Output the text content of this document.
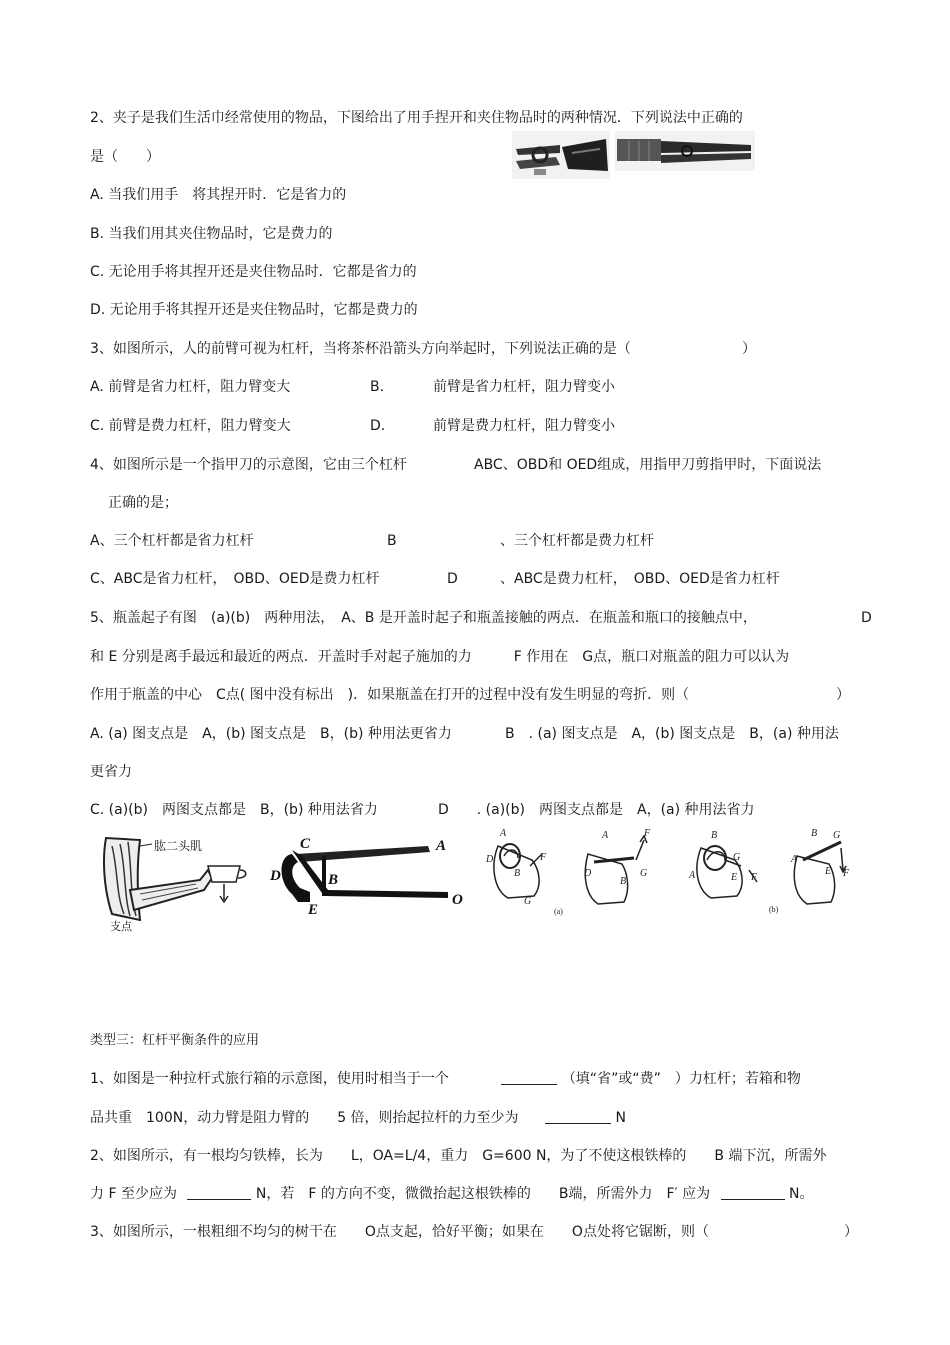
2、夹子是我们生活巾经常使用的物品，下图给出了用手捏开和夹住物品时的两种情况．下列说法中正确的
是（　　）
A. 当我们用手　将其捏开时．它是省力的
B. 当我们用其夹住物品时，它是费力的
C. 无论用手将其捏开还是夹住物品时．它都是省力的
D. 无论用手将其捏开还是夹住物品时，它都是费力的
3、如图所示，人的前臂可视为杠杆，当将茶杯沿箭头方向举起时，下列说法正确的是（	）
A. 前臂是省力杠杆，阻力臂变大	B.	前臂是省力杠杆，阻力臂变小
C. 前臂是费力杠杆，阻力臂变大	D.	前臂是费力杠杆，阻力臂变小
4、如图所示是一个指甲刀的示意图，它由三个杠杆	ABC、OBD和 OED组成，用指甲刀剪指甲时，下面说法
正确的是；
A、三个杠杆都是省力杠杆	B	、三个杠杆都是费力杠杆
C、ABC是省力杠杆，　OBD、OED是费力杠杆	D	、ABC是费力杠杆，　OBD、OED是省力杠杆
5、瓶盖起子有图　(a)(b)　两种用法，　A、B 是开盖时起子和瓶盖接触的两点．在瓶盖和瓶口的接触点中，	D
和 E 分别是离手最远和最近的两点．开盖时手对起子施加的力　　　F 作用在　G点，瓶口对瓶盖的阻力可以认为
作用于瓶盖的中心　C点( 图中没有标出　)．如果瓶盖在打开的过程中没有发生明显的弯折．则（	）
A. (a) 图支点是　A，(b) 图支点是　B，(b) 种用法更省力	B　. (a) 图支点是　A，(b) 图支点是　B，(a) 种用法
更省力
C. (a)(b)　两图支点都是　B，(b) 种用法省力	D　　. (a)(b)　两图支点都是　A，(a) 种用法省力
肱二头肌
支点
C	A
D	B
E
O
A
F
D
B
G
(a)
A	F
D
B
G
B
G
A	E F
(b)
B G
A
E F
类型三：杠杆平衡条件的应用
1、如图是一种拉杆式旅行箱的示意图，使用时相当于一个	（填“省”或“费”　）力杠杆；若箱和物
品共重　100N，动力臂是阻力臂的　　5 倍，则抬起拉杆的力至少为	N
2、如图所示，有一根均匀铁棒，长为　　L，OA=L/4，重力　G=600 N，为了不使这根铁棒的　　B 端下沉，所需外
力 F 至少应为	N，若　F 的方向不变，微微抬起这根铁棒的　　B端，所需外力　F′ 应为	N。
3、如图所示，一根粗细不均匀的树干在　　O点支起，恰好平衡；如果在　　O点处将它锯断，则（	）
